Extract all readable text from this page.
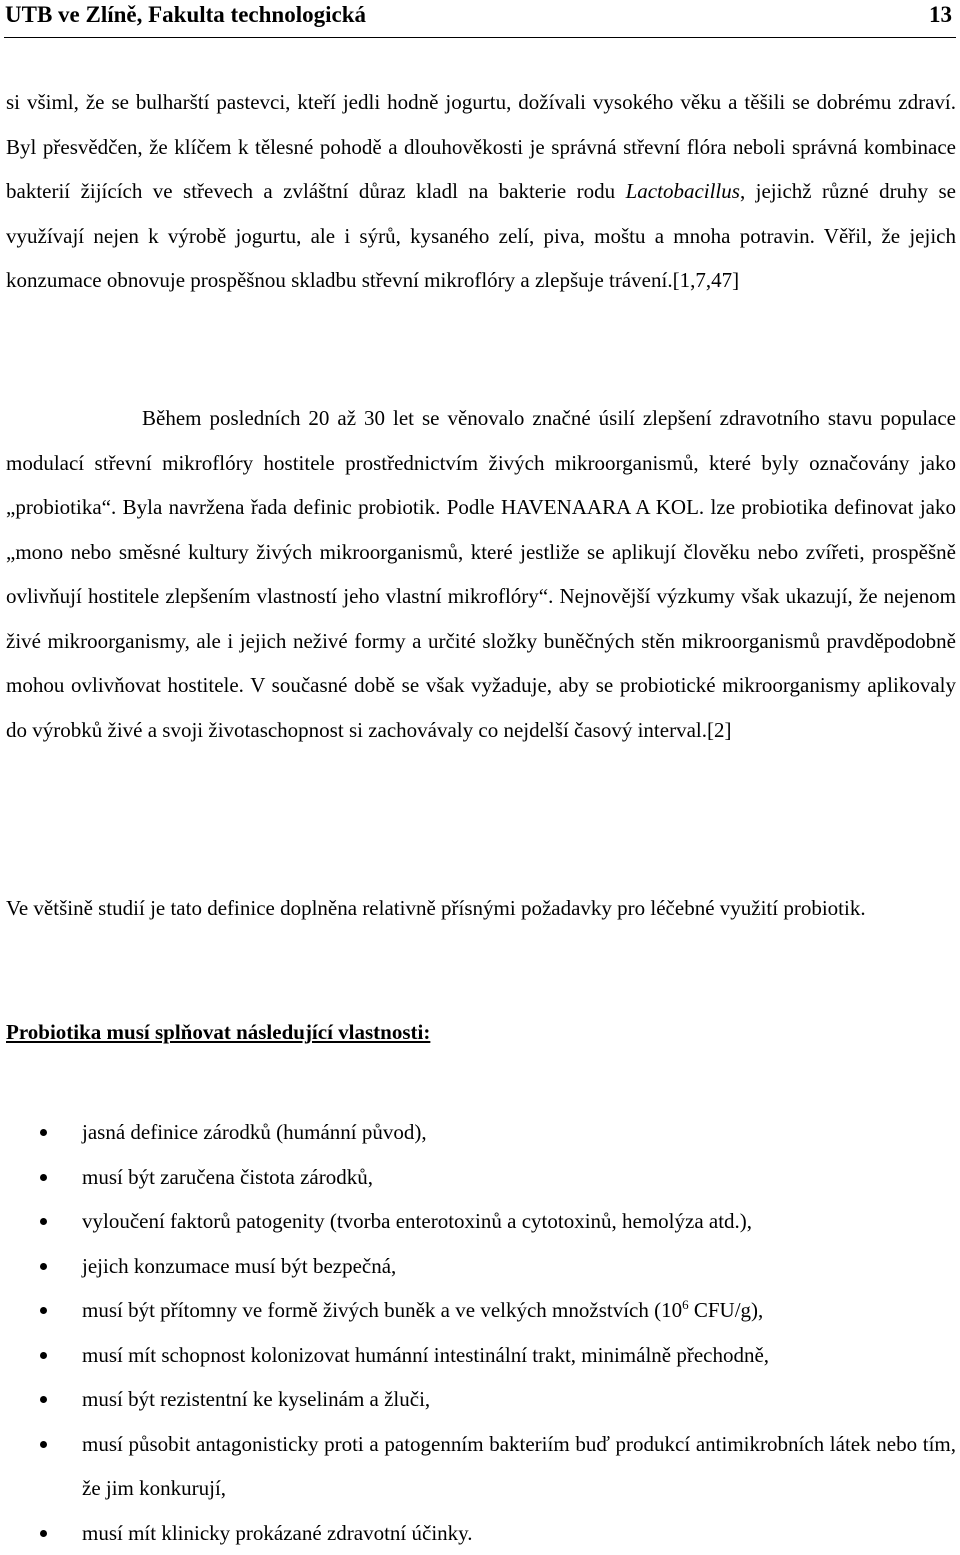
UTB ve Zlíně, Fakulta technologická	13

si všiml, že se bulharští pastevci, kteří jedli hodně jogurtu, dožívali vysokého věku a těšili se dobrému zdraví. Byl přesvědčen, že klíčem k tělesné pohodě a dlouhověkosti je správná střevní flóra neboli správná kombinace bakterií žijících ve střevech a zvláštní důraz kladl na bakterie rodu Lactobacillus, jejichž různé druhy se využívají nejen k výrobě jogurtu, ale i sýrů, kysaného zelí, piva, moštu a mnoha potravin. Věřil, že jejich konzumace obnovuje prospěšnou skladbu střevní mikroflóry a zlepšuje trávení.[1,7,47]

Během posledních 20 až 30 let se věnovalo značné úsilí zlepšení zdravotního stavu populace modulací střevní mikroflóry hostitele prostřednictvím živých mikroorganismů, které byly označovány jako „probiotika“. Byla navržena řada definic probiotik. Podle HAVENAARA A KOL. lze probiotika definovat jako „mono nebo směsné kultury živých mikroorganismů, které jestliže se aplikují člověku nebo zvířeti, prospěšně ovlivňují hostitele zlepšením vlastností jeho vlastní mikroflóry“. Nejnovější výzkumy však ukazují, že nejenom živé mikroorganismy, ale i jejich neživé formy a určité složky buněčných stěn mikroorganismů pravděpodobně mohou ovlivňovat hostitele. V současné době se však vyžaduje, aby se probiotické mikroorganismy aplikovaly do výrobků živé a svoji životaschopnost si zachovávaly co nejdelší časový interval.[2]

Ve většině studií je tato definice doplněna relativně přísnými požadavky pro léčebné využití probiotik.

Probiotika musí splňovat následující vlastnosti:
jasná definice zárodků (humánní původ),
musí být zaručena čistota zárodků,
vyloučení faktorů patogenity (tvorba enterotoxinů a cytotoxinů, hemolýza atd.),
jejich konzumace musí být bezpečná,
musí být přítomny ve formě živých buněk a ve velkých množstvích ($10^6$ CFU/g),
musí mít schopnost kolonizovat humánní intestinální trakt, minimálně přechodně,
musí být rezistentní ke kyselinám a žluči,
musí působit antagonisticky proti a patogenním bakteriím buď produkcí antimikrobních látek nebo tím, že jim konkurují,
musí mít klinicky prokázané zdravotní účinky.
